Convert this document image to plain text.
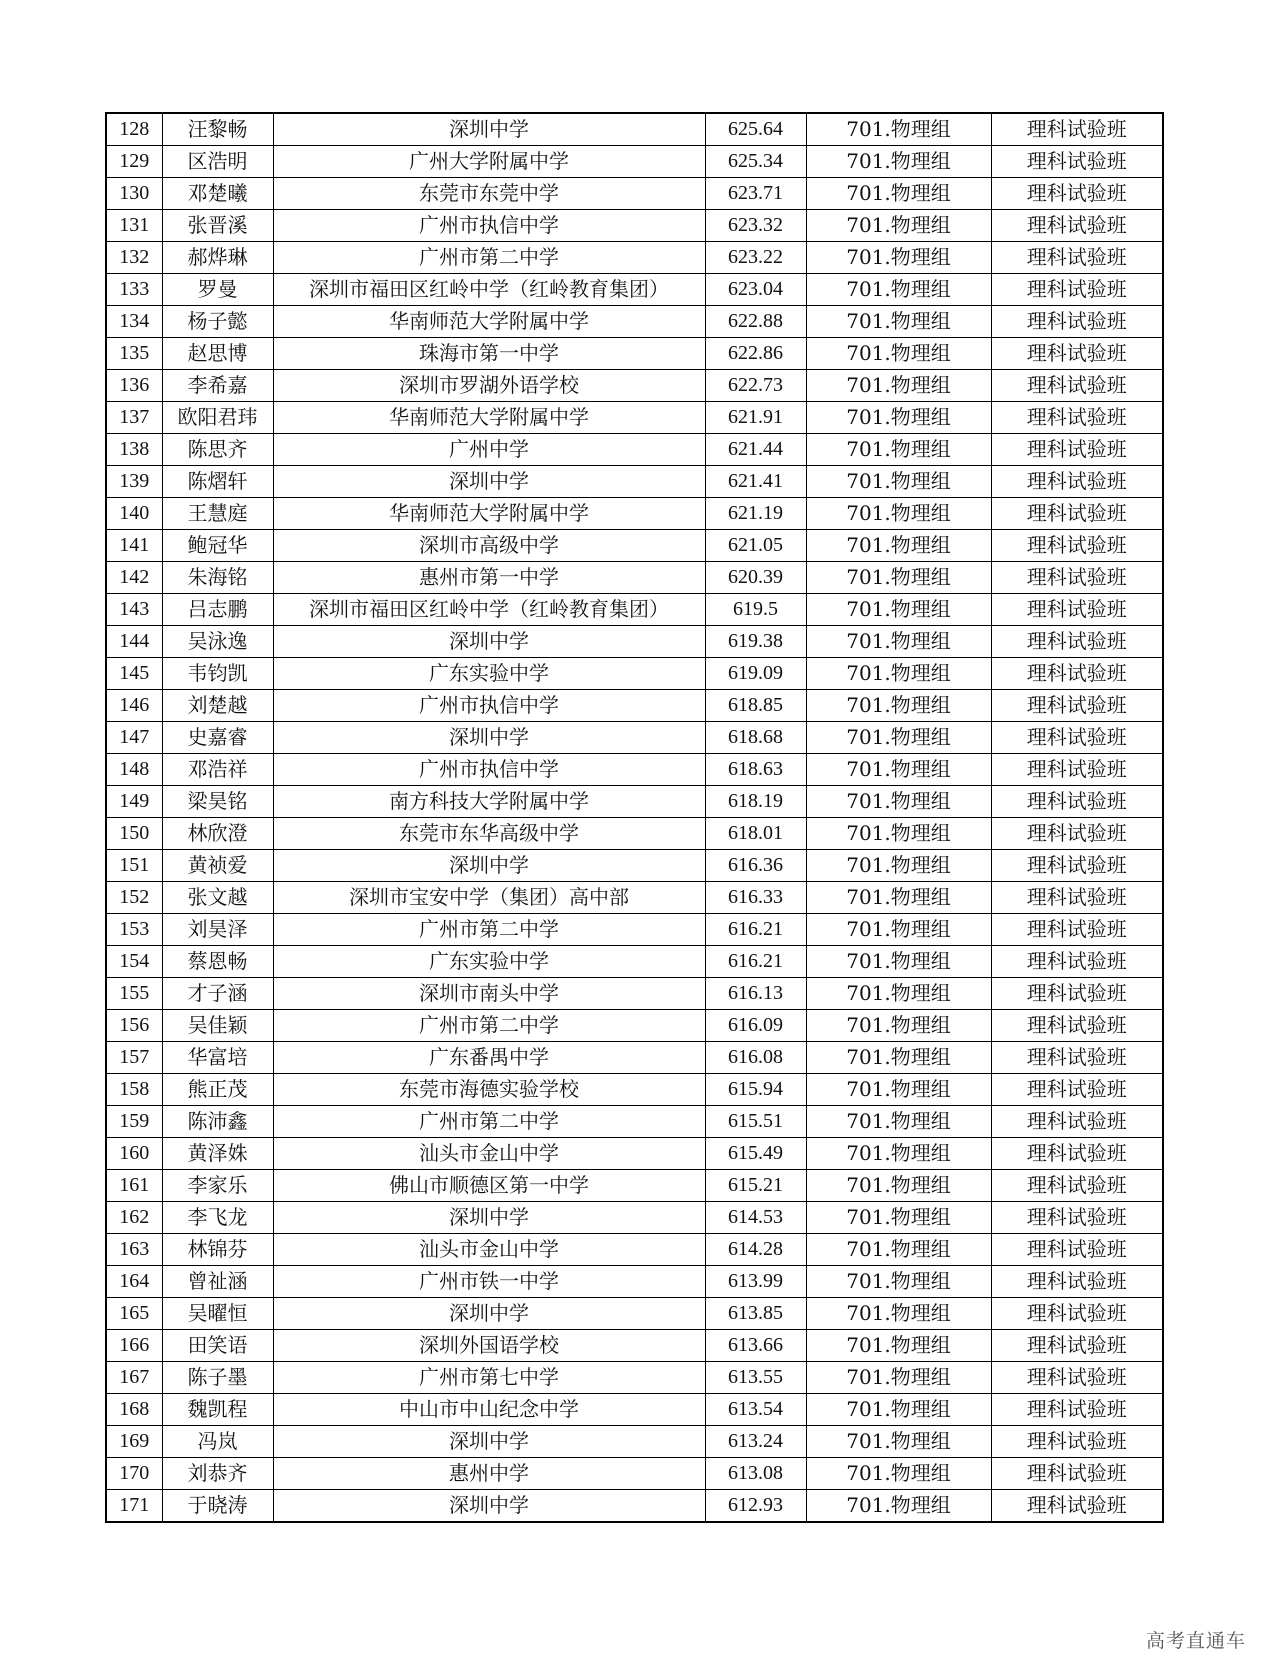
128	汪黎畅	深圳中学	625.64	701.物理组	理科试验班
129	区浩明	广州大学附属中学	625.34	701.物理组	理科试验班
130	邓楚曦	东莞市东莞中学	623.71	701.物理组	理科试验班
131	张晋溪	广州市执信中学	623.32	701.物理组	理科试验班
132	郝烨琳	广州市第二中学	623.22	701.物理组	理科试验班
133	罗曼	深圳市福田区红岭中学（红岭教育集团）	623.04	701.物理组	理科试验班
134	杨子懿	华南师范大学附属中学	622.88	701.物理组	理科试验班
135	赵思博	珠海市第一中学	622.86	701.物理组	理科试验班
136	李希嘉	深圳市罗湖外语学校	622.73	701.物理组	理科试验班
137	欧阳君玮	华南师范大学附属中学	621.91	701.物理组	理科试验班
138	陈思齐	广州中学	621.44	701.物理组	理科试验班
139	陈熠轩	深圳中学	621.41	701.物理组	理科试验班
140	王慧庭	华南师范大学附属中学	621.19	701.物理组	理科试验班
141	鲍冠华	深圳市高级中学	621.05	701.物理组	理科试验班
142	朱海铭	惠州市第一中学	620.39	701.物理组	理科试验班
143	吕志鹏	深圳市福田区红岭中学（红岭教育集团）	619.5	701.物理组	理科试验班
144	吴泳逸	深圳中学	619.38	701.物理组	理科试验班
145	韦钧凯	广东实验中学	619.09	701.物理组	理科试验班
146	刘楚越	广州市执信中学	618.85	701.物理组	理科试验班
147	史嘉睿	深圳中学	618.68	701.物理组	理科试验班
148	邓浩祥	广州市执信中学	618.63	701.物理组	理科试验班
149	梁昊铭	南方科技大学附属中学	618.19	701.物理组	理科试验班
150	林欣澄	东莞市东华高级中学	618.01	701.物理组	理科试验班
151	黄祯爱	深圳中学	616.36	701.物理组	理科试验班
152	张文越	深圳市宝安中学（集团）高中部	616.33	701.物理组	理科试验班
153	刘昊泽	广州市第二中学	616.21	701.物理组	理科试验班
154	蔡恩畅	广东实验中学	616.21	701.物理组	理科试验班
155	才子涵	深圳市南头中学	616.13	701.物理组	理科试验班
156	吴佳颖	广州市第二中学	616.09	701.物理组	理科试验班
157	华富培	广东番禺中学	616.08	701.物理组	理科试验班
158	熊正茂	东莞市海德实验学校	615.94	701.物理组	理科试验班
159	陈沛鑫	广州市第二中学	615.51	701.物理组	理科试验班
160	黄泽姝	汕头市金山中学	615.49	701.物理组	理科试验班
161	李家乐	佛山市顺德区第一中学	615.21	701.物理组	理科试验班
162	李飞龙	深圳中学	614.53	701.物理组	理科试验班
163	林锦芬	汕头市金山中学	614.28	701.物理组	理科试验班
164	曾祉涵	广州市铁一中学	613.99	701.物理组	理科试验班
165	吴曜恒	深圳中学	613.85	701.物理组	理科试验班
166	田笑语	深圳外国语学校	613.66	701.物理组	理科试验班
167	陈子墨	广州市第七中学	613.55	701.物理组	理科试验班
168	魏凯程	中山市中山纪念中学	613.54	701.物理组	理科试验班
169	冯岚	深圳中学	613.24	701.物理组	理科试验班
170	刘恭齐	惠州中学	613.08	701.物理组	理科试验班
171	于晓涛	深圳中学	612.93	701.物理组	理科试验班
高考直通车
